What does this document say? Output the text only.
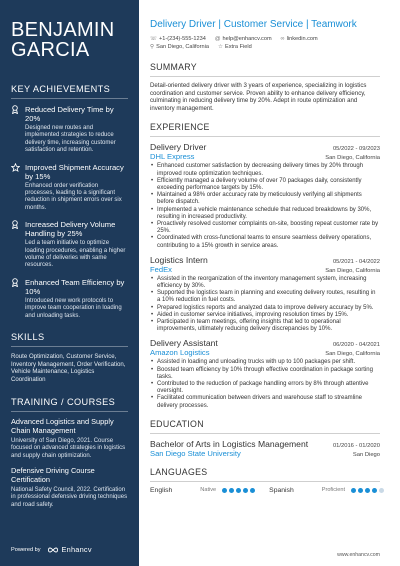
BENJAMIN GARCIA
KEY ACHIEVEMENTS
Reduced Delivery Time by 20%
Designed new routes and implemented strategies to reduce delivery time, increasing customer satisfaction and retention.
Improved Shipment Accuracy by 15%
Enhanced order verification processes, leading to a significant reduction in shipment errors over six months.
Increased Delivery Volume Handling by 25%
Led a team initiative to optimize loading procedures, enabling a higher volume of deliveries with same resources.
Enhanced Team Efficiency by 10%
Introduced new work protocols to improve team cooperation in loading and unloading tasks.
SKILLS
Route Optimization, Customer Service, Inventory Management, Order Verification, Vehicle Maintenance, Logistics Coordination
TRAINING / COURSES
Advanced Logistics and Supply Chain Management
University of San Diego, 2021. Course focused on advanced strategies in logistics and supply chain optimization.
Defensive Driving Course Certification
National Safety Council, 2022. Certification in professional defensive driving techniques and road safety.
Powered by	Enhancv
Delivery Driver | Customer Service | Teamwork
☏ +1-(234)-555-1234 @ help@enhancv.com ∞ linkedin.com
⚲ San Diego, California ☆ Extra Field
SUMMARY
Detail-oriented delivery driver with 3 years of experience, specializing in logistics coordination and customer service. Proven ability to enhance delivery efficiency, culminating in reducing delivery time by 20%. Adept in route optimization and inventory management.
EXPERIENCE
Delivery Driver	05/2022 - 09/2023
DHL Express	San Diego, California
• Enhanced customer satisfaction by decreasing delivery times by 20% through improved route optimization techniques.
• Efficiently managed a delivery volume of over 70 packages daily, consistently exceeding performance targets by 15%.
• Maintained a 98% order accuracy rate by meticulously verifying all shipments before dispatch.
• Implemented a vehicle maintenance schedule that reduced breakdowns by 30%, resulting in increased productivity.
• Proactively resolved customer complaints on-site, boosting repeat customer rate by 25%.
• Coordinated with cross-functional teams to ensure seamless delivery operations, contributing to a 15% growth in service areas.
Logistics Intern	05/2021 - 04/2022
FedEx	San Diego, California
• Assisted in the reorganization of the inventory management system, increasing efficiency by 30%.
• Supported the logistics team in planning and executing delivery routes, resulting in a 10% reduction in fuel costs.
• Prepared logistics reports and analyzed data to improve delivery accuracy by 5%.
• Aided in customer service initiatives, improving resolution times by 15%.
• Participated in team meetings, offering insights that led to operational improvements, ultimately reducing delivery discrepancies by 10%.
Delivery Assistant	06/2020 - 04/2021
Amazon Logistics	San Diego, California
• Assisted in loading and unloading trucks with up to 100 packages per shift.
• Boosted team efficiency by 10% through effective coordination in package sorting tasks.
• Contributed to the reduction of package handling errors by 8% through attentive oversight.
• Facilitated communication between drivers and warehouse staff to streamline delivery processes.
EDUCATION
Bachelor of Arts in Logistics Management	01/2016 - 01/2020
San Diego State University	San Diego
LANGUAGES
English	Native	Spanish	Proficient
www.enhancv.com
